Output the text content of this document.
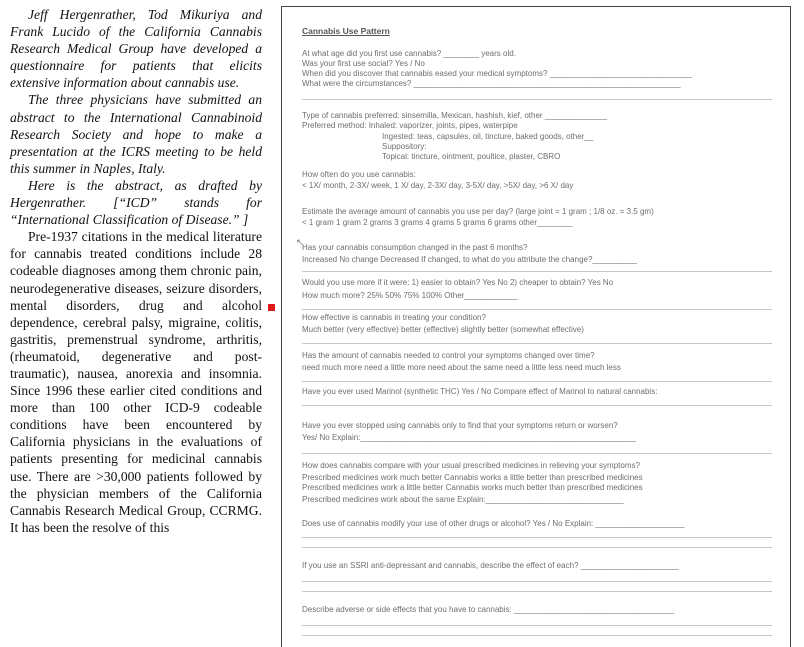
Jeff Hergenrather, Tod Mikuriya and Frank Lucido of the California Cannabis Research Medical Group have developed a questionnaire for patients that elicits extensive information about cannabis use.

The three physicians have submitted an abstract to the International Cannabinoid Research Society and hope to make a presentation at the ICRS meeting to be held this summer in Naples, Italy.

Here is the abstract, as drafted by Hergenrather. [“ICD” stands for “International Classification of Disease.” ]

Pre-1937 citations in the medical literature for cannabis treated conditions include 28 codeable diagnoses among them chronic pain, neurodegenerative diseases, seizure disorders, mental disorders, drug and alcohol dependence, cerebral palsy, migraine, colitis, gastritis, premenstrual syndrome, arthritis, (rheumatoid, degenerative and post-traumatic), nausea, anorexia and insomnia. Since 1996 these earlier cited conditions and more than 100 other ICD-9 codeable conditions have been encountered by California physicians in the evaluations of patients presenting for medicinal cannabis use. There are >30,000 patients followed by the physician members of the California Cannabis Research Medical Group, CCRMG. It has been the resolve of this

Cannabis Use Pattern
At what age did you first use cannabis? ________ years old.
Was your first use social? Yes / No
When did you discover that cannabis eased your medical symptoms? ________________________________
What were the circumstances? ____________________________________________________________
Type of cannabis preferred: sinsemilla, Mexican, hashish, kief, other ______________
Preferred method: Inhaled: vaporizer, joints, pipes, waterpipe
Ingested: teas, capsules, oil, tincture, baked goods, other__
Suppository:
Topical: tincture, ointment, poultice, plaster, CBRO
How often do you use cannabis:
< 1X/ month, 2-3X/ week, 1 X/ day, 2-3X/ day, 3-5X/ day, >5X/ day, >6 X/ day
Estimate the average amount of cannabis you use per day? (large joint = 1 gram ; 1/8 oz. = 3.5 gm)
< 1 gram 1 gram 2 grams 3 grams 4 grams 5 grams 6 grams other________
↖
Has your cannabis consumption changed in the past 6 months?
Increased No change Decreased If changed, to what do you attribute the change?__________
Would you use more if it were: 1) easier to obtain? Yes No 2) cheaper to obtain? Yes No
How much more? 25% 50% 75% 100% Other____________
How effective is cannabis in treating your condition?
Much better (very effective) better (effective) slightly better (somewhat effective)
Has the amount of cannabis needed to control your symptoms changed over time?
need much more need a little more need about the same need a little less need much less
Have you ever used Marinol (synthetic THC) Yes / No Compare effect of Marinol to natural cannabis:
Have you ever stopped using cannabis only to find that your symptoms return or worsen?
Yes/ No Explain:______________________________________________________________
How does cannabis compare with your usual prescribed medicines in relieving your symptoms?
Prescribed medicines work much better Cannabis works a little better than prescribed medicines
Prescribed medicines work a little better Cannabis works much better than prescribed medicines
Prescribed medicines work about the same Explain:_______________________________
Does use of cannabis modify your use of other drugs or alcohol? Yes / No Explain: ____________________
If you use an SSRI anti-depressant and cannabis, describe the effect of each? ______________________
Describe adverse or side effects that you have to cannabis: ____________________________________
